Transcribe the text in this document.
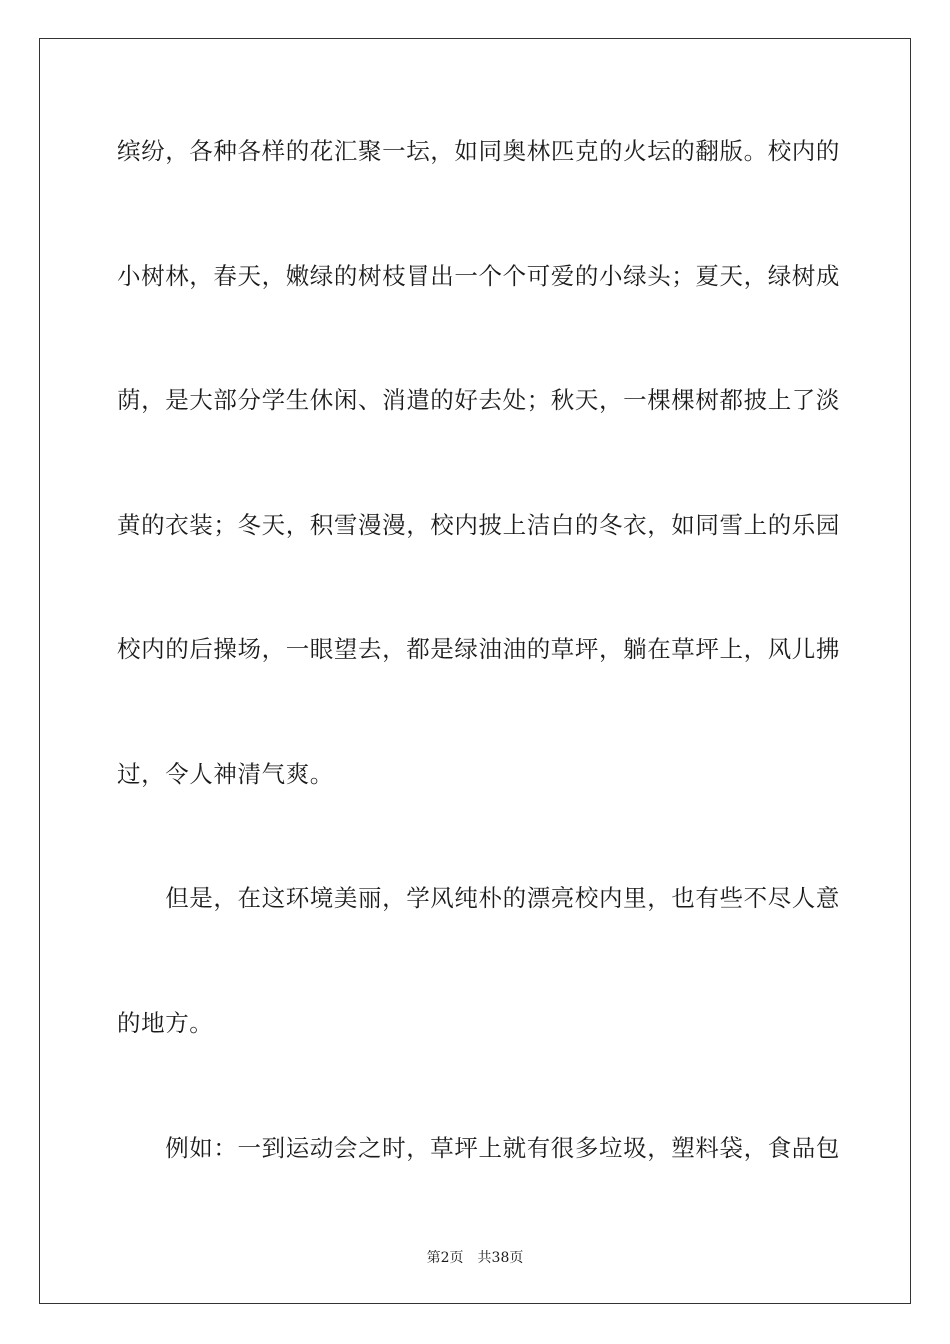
缤纷，各种各样的花汇聚一坛，如同奥林匹克的火坛的翻版。校内的

小树林，春天，嫩绿的树枝冒出一个个可爱的小绿头；夏天，绿树成

荫，是大部分学生休闲、消遣的好去处；秋天，一棵棵树都披上了淡

黄的衣装；冬天，积雪漫漫，校内披上洁白的冬衣，如同雪上的乐园

校内的后操场，一眼望去，都是绿油油的草坪，躺在草坪上，风儿拂

过，令人神清气爽。

　　但是，在这环境美丽，学风纯朴的漂亮校内里，也有些不尽人意

的地方。

　　例如：一到运动会之时，草坪上就有很多垃圾，塑料袋，食品包

第2页 共38页
